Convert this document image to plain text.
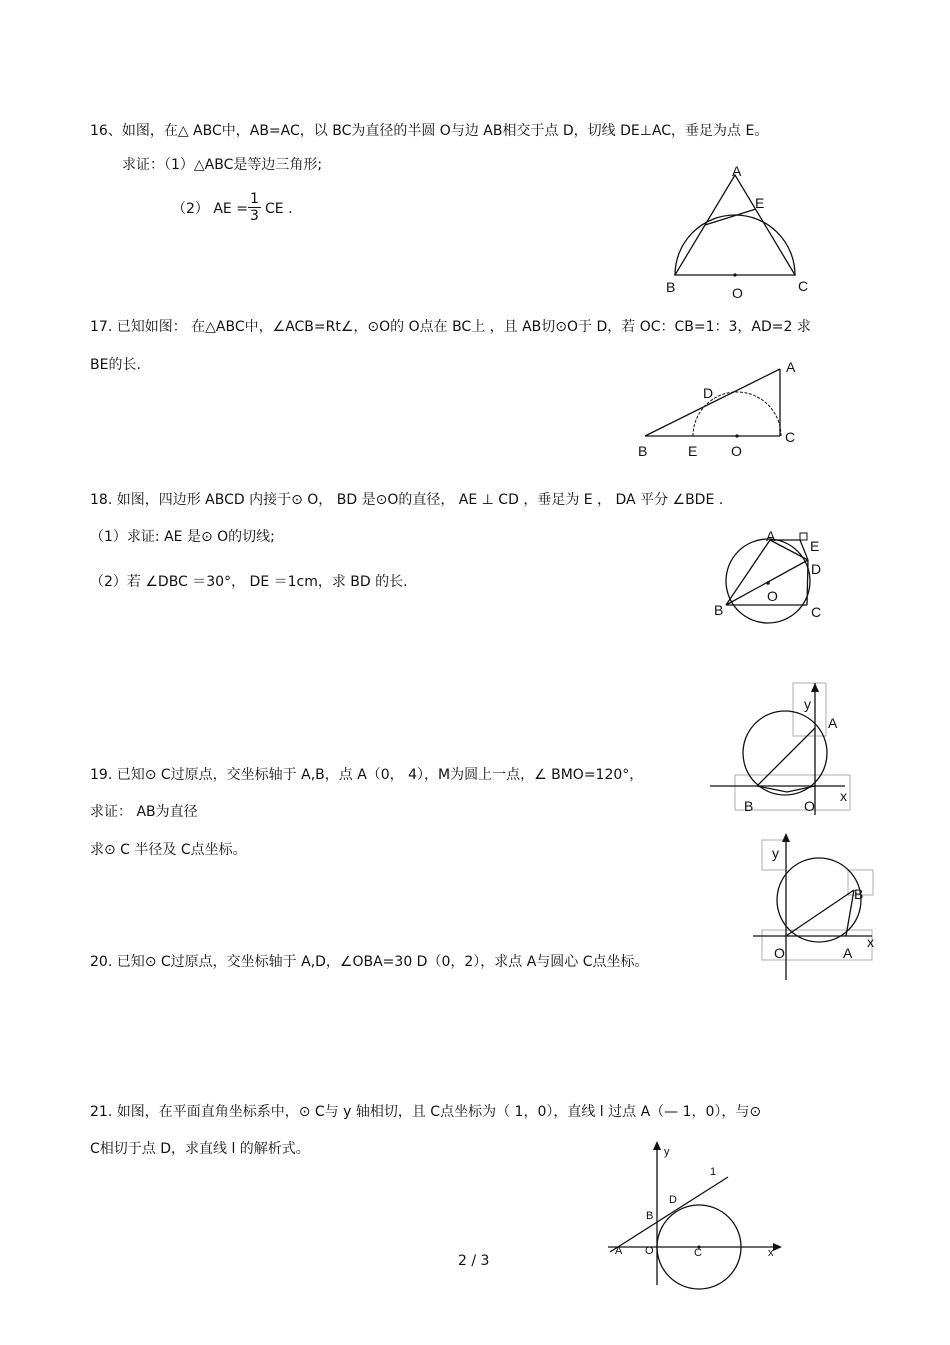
16、如图，在△ ABC中，AB=AC，以 BC为直径的半圆 O与边 AB相交于点 D，切线 DE⊥AC，垂足为点 E。
求证：（1）△ABC是等边三角形;
（2） AE = $\frac{1}{3}$ CE .
A
E
B	O	C
17. 已知如图： 在△ABC中，∠ACB=Rt∠，⊙O的 O点在 BC上 ，且 AB切⊙O于 D，若 OC：CB=1：3，AD=2 求
BE的长.	A
D
B	E O
C
18. 如图，四边形 ABCD 内接于⊙ O， BD 是⊙O的直径， AE ⊥ CD ，垂足为 E ， DA 平分 ∠BDE .
（1）求证: AE 是⊙ O的切线;
（2）若 ∠DBC ＝30°， DE ＝1cm，求 BD 的长.
A
E
D
O
B	C
19. 已知⊙ C过原点，交坐标轴于 A,B，点 A（0， 4），M为圆上一点，∠ BMO=120°，
求证： AB为直径
求⊙ C 半径及 C点坐标。
y
A
B	O
x
20. 已知⊙ C过原点，交坐标轴于 A,D，∠OBA=30 D（0，2），求点 A与圆心 C点坐标。
y
B
O	A
x
21. 如图，在平面直角坐标系中，⊙ C与 y 轴相切，且 C点坐标为（ 1，0），直线 l 过点 A（— 1，0），与⊙
C相切于点 D，求直线 l 的解析式。	y
1
D
B
A O	C	x
2 / 3
